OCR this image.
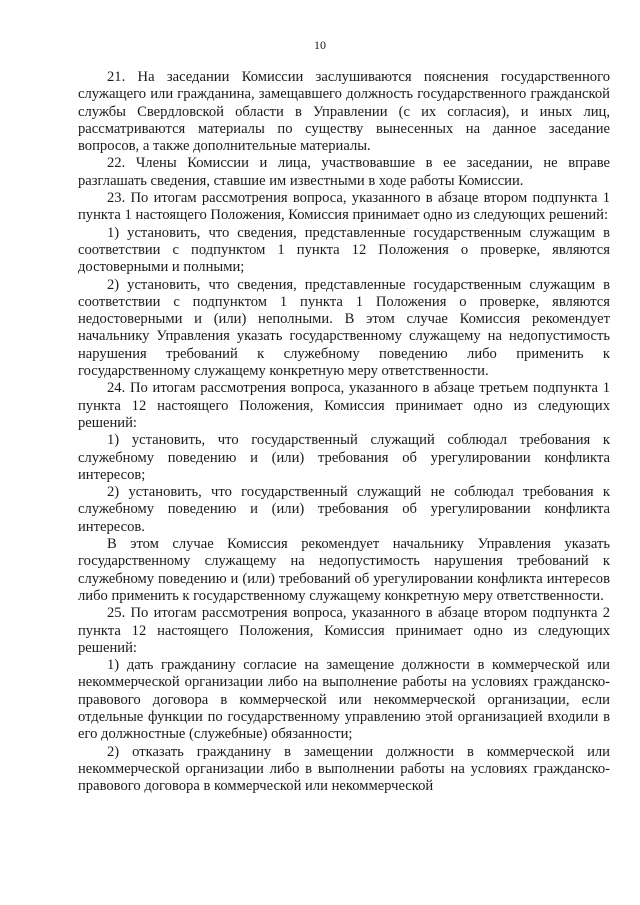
10

21. На заседании Комиссии заслушиваются пояснения государственного служащего или гражданина, замещавшего должность государственного гражданской службы Свердловской области в Управлении (с их согласия), и иных лиц, рассматриваются материалы по существу вынесенных на данное заседание вопросов, а также дополнительные материалы.

22. Члены Комиссии и лица, участвовавшие в ее заседании, не вправе разглашать сведения, ставшие им известными в ходе работы Комиссии.

23. По итогам рассмотрения вопроса, указанного в абзаце втором подпункта 1 пункта 1 настоящего Положения, Комиссия принимает одно из следующих решений:

1) установить, что сведения, представленные государственным служащим в соответствии с подпунктом 1 пункта 12 Положения о проверке, являются достоверными и полными;

2) установить, что сведения, представленные государственным служащим в соответствии с подпунктом 1 пункта 1 Положения о проверке, являются недостоверными и (или) неполными. В этом случае Комиссия рекомендует начальнику Управления указать государственному служащему на недопустимость нарушения требований к служебному поведению либо применить к государственному служащему конкретную меру ответственности.

24. По итогам рассмотрения вопроса, указанного в абзаце третьем подпункта 1 пункта 12 настоящего Положения, Комиссия принимает одно из следующих решений:

1) установить, что государственный служащий соблюдал требования к служебному поведению и (или) требования об урегулировании конфликта интересов;

2) установить, что государственный служащий не соблюдал требования к служебному поведению и (или) требования об урегулировании конфликта интересов.

В этом случае Комиссия рекомендует начальнику Управления указать государственному служащему на недопустимость нарушения требований к служебному поведению и (или) требований об урегулировании конфликта интересов либо применить к государственному служащему конкретную меру ответственности.

25. По итогам рассмотрения вопроса, указанного в абзаце втором подпункта 2 пункта 12 настоящего Положения, Комиссия принимает одно из следующих решений:

1) дать гражданину согласие на замещение должности в коммерческой или некоммерческой организации либо на выполнение работы на условиях гражданско-правового договора в коммерческой или некоммерческой организации, если отдельные функции по государственному управлению этой организацией входили в его должностные (служебные) обязанности;

2) отказать гражданину в замещении должности в коммерческой или некоммерческой организации либо в выполнении работы на условиях гражданско-правового договора в коммерческой или некоммерческой
